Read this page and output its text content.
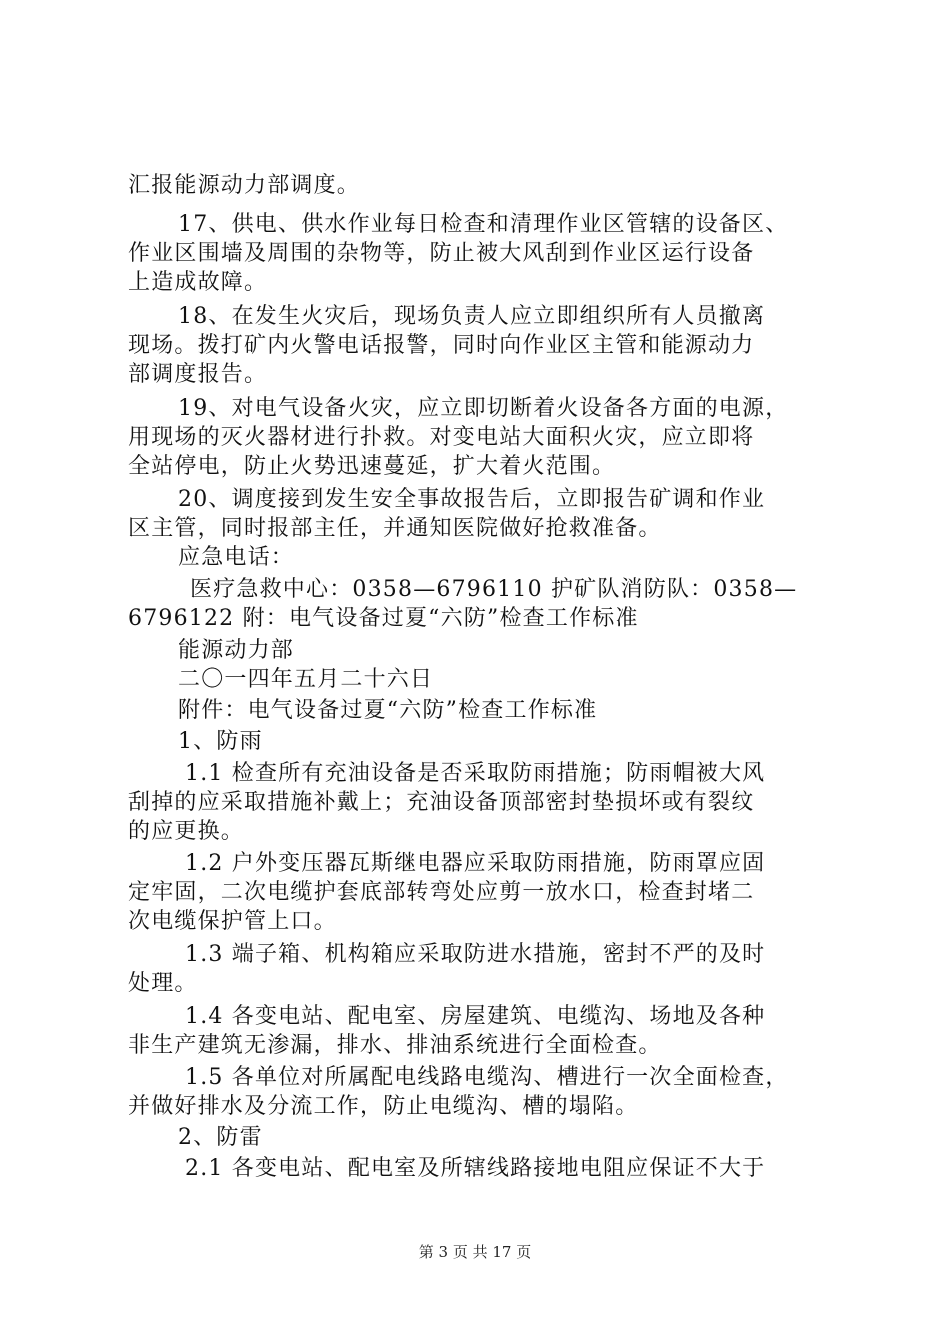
汇报能源动力部调度。
17、供电、供水作业每日检查和清理作业区管辖的设备区、
作业区围墙及周围的杂物等，防止被大风刮到作业区运行设备
上造成故障。
18、在发生火灾后，现场负责人应立即组织所有人员撤离
现场。拨打矿内火警电话报警，同时向作业区主管和能源动力
部调度报告。
19、对电气设备火灾，应立即切断着火设备各方面的电源，
用现场的灭火器材进行扑救。对变电站大面积火灾，应立即将
全站停电，防止火势迅速蔓延，扩大着火范围。
20、调度接到发生安全事故报告后，立即报告矿调和作业
区主管，同时报部主任，并通知医院做好抢救准备。
应急电话：
医疗急救中心：0358—6796110 护矿队消防队：0358—
6796122 附：电气设备过夏“六防”检查工作标准
能源动力部
二〇一四年五月二十六日
附件：电气设备过夏“六防”检查工作标准
1、防雨
1.1 检查所有充油设备是否采取防雨措施；防雨帽被大风
刮掉的应采取措施补戴上；充油设备顶部密封垫损坏或有裂纹
的应更换。
1.2 户外变压器瓦斯继电器应采取防雨措施，防雨罩应固
定牢固，二次电缆护套底部转弯处应剪一放水口，检查封堵二
次电缆保护管上口。
1.3 端子箱、机构箱应采取防进水措施，密封不严的及时
处理。
1.4 各变电站、配电室、房屋建筑、电缆沟、场地及各种
非生产建筑无渗漏，排水、排油系统进行全面检查。
1.5 各单位对所属配电线路电缆沟、槽进行一次全面检查，
并做好排水及分流工作，防止电缆沟、槽的塌陷。
2、防雷
2.1 各变电站、配电室及所辖线路接地电阻应保证不大于
第 3 页 共 17 页
